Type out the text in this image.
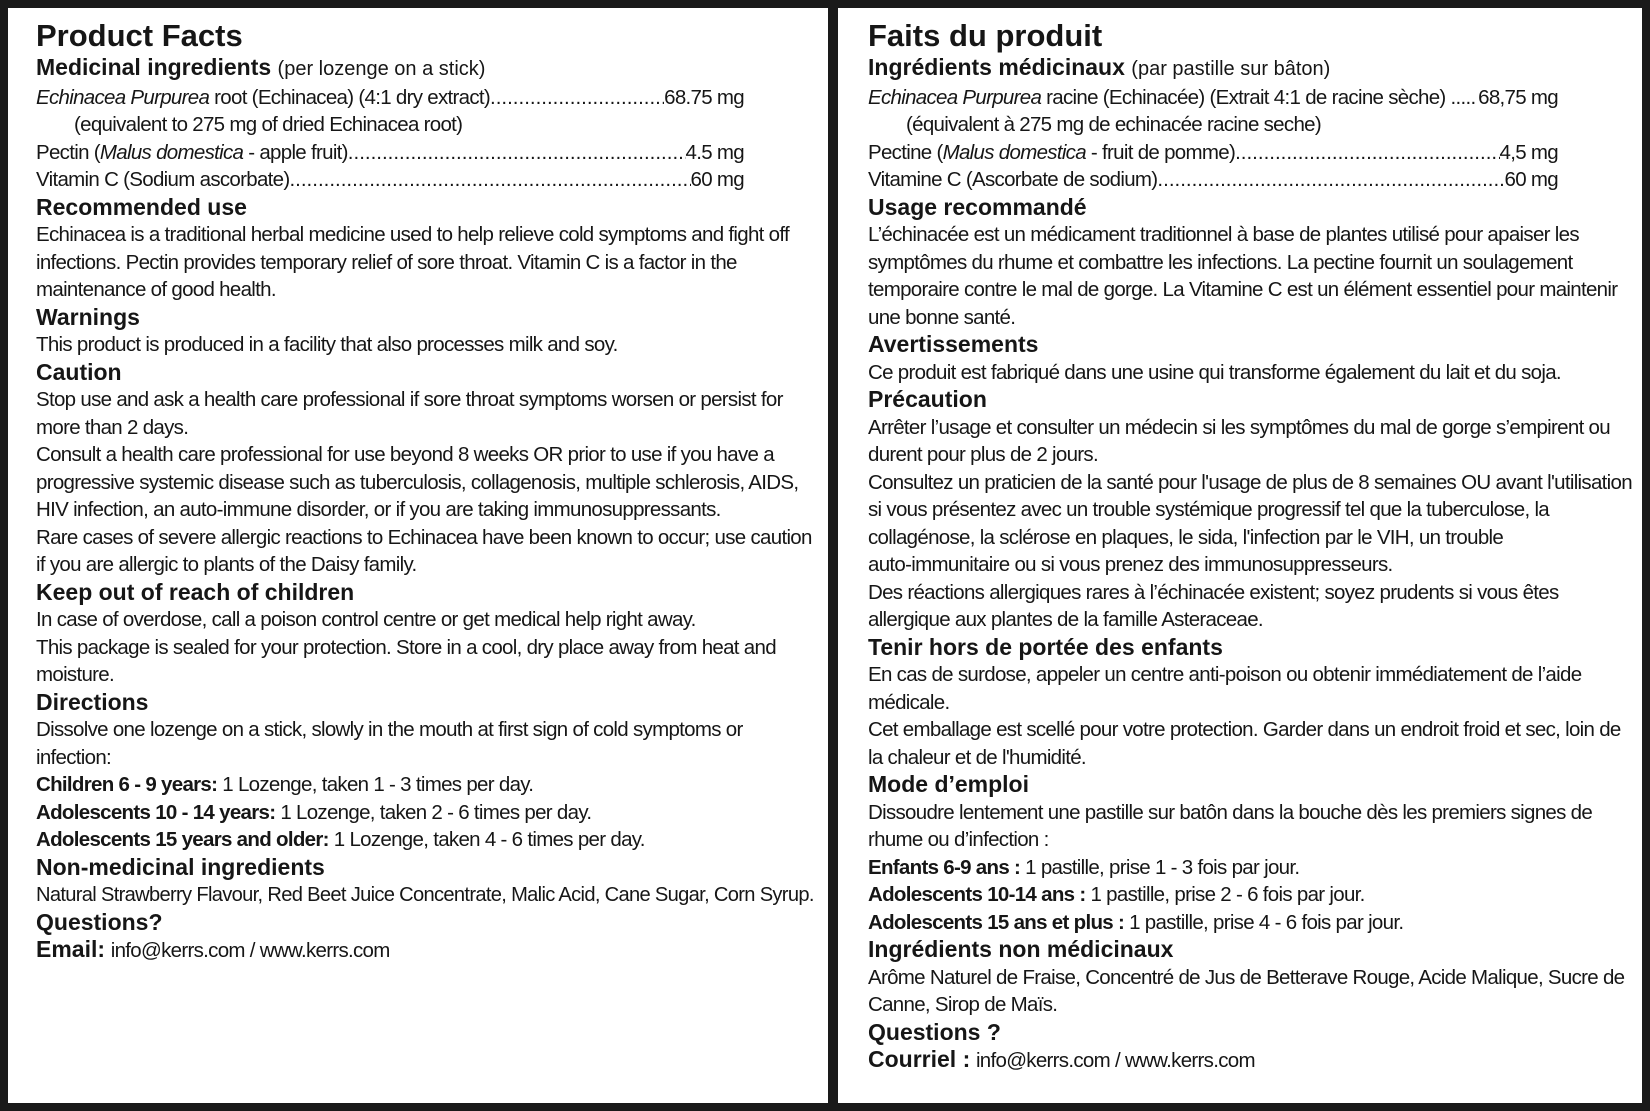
Product Facts
Medicinal ingredients (per lozenge on a stick)
Echinacea Purpurea root (Echinacea) (4:1 dry extract) .....	68.75 mg
(equivalent to 275 mg of dried Echinacea root)
Pectin (Malus domestica - apple fruit) .....	4.5 mg
Vitamin C (Sodium ascorbate) .....	60 mg
Recommended use
Echinacea is a traditional herbal medicine used to help relieve cold symptoms and fight off
infections. Pectin provides temporary relief of sore throat. Vitamin C is a factor in the
maintenance of good health.
Warnings
This product is produced in a facility that also processes milk and soy.
Caution
Stop use and ask a health care professional if sore throat symptoms worsen or persist for
more than 2 days.
Consult a health care professional for use beyond 8 weeks OR prior to use if you have a
progressive systemic disease such as tuberculosis, collagenosis, multiple schlerosis, AIDS,
HIV infection, an auto-immune disorder, or if you are taking immunosuppressants.
Rare cases of severe allergic reactions to Echinacea have been known to occur; use caution
if you are allergic to plants of the Daisy family.
Keep out of reach of children
In case of overdose, call a poison control centre or get medical help right away.
This package is sealed for your protection. Store in a cool, dry place away from heat and
moisture.
Directions
Dissolve one lozenge on a stick, slowly in the mouth at first sign of cold symptoms or
infection:
Children 6 - 9 years: 1 Lozenge, taken 1 - 3 times per day.
Adolescents 10 - 14 years: 1 Lozenge, taken 2 - 6 times per day.
Adolescents 15 years and older: 1 Lozenge, taken 4 - 6 times per day.
Non-medicinal ingredients
Natural Strawberry Flavour, Red Beet Juice Concentrate, Malic Acid, Cane Sugar, Corn Syrup.
Questions?
Email: info@kerrs.com / www.kerrs.com
Faits du produit
Ingrédients médicinaux (par pastille sur bâton)
Echinacea Purpurea racine (Echinacée) (Extrait 4:1 de racine sèche) .... ..... 68,75 mg
(équivalent à 275 mg de echinacée racine seche)
Pectine (Malus domestica - fruit de pomme) .....	4,5 mg
Vitamine C (Ascorbate de sodium) .....	60 mg
Usage recommandé
L’échinacée est un médicament traditionnel à base de plantes utilisé pour apaiser les
symptômes du rhume et combattre les infections. La pectine fournit un soulagement
temporaire contre le mal de gorge. La Vitamine C est un élément essentiel pour maintenir
une bonne santé.
Avertissements
Ce produit est fabriqué dans une usine qui transforme également du lait et du soja.
Précaution
Arrêter l’usage et consulter un médecin si les symptômes du mal de gorge s’empirent ou
durent pour plus de 2 jours.
Consultez un praticien de la santé pour l'usage de plus de 8 semaines OU avant l'utilisation
si vous présentez avec un trouble systémique progressif tel que la tuberculose, la
collagénose, la sclérose en plaques, le sida, l'infection par le VIH, un trouble
auto-immunitaire ou si vous prenez des immunosuppresseurs.
Des réactions allergiques rares à l’échinacée existent; soyez prudents si vous êtes
allergique aux plantes de la famille Asteraceae.
Tenir hors de portée des enfants
En cas de surdose, appeler un centre anti-poison ou obtenir immédiatement de l’aide
médicale.
Cet emballage est scellé pour votre protection. Garder dans un endroit froid et sec, loin de
la chaleur et de l'humidité.
Mode d’emploi
Dissoudre lentement une pastille sur batôn dans la bouche dès les premiers signes de
rhume ou d’infection :
Enfants 6-9 ans : 1 pastille, prise 1 - 3 fois par jour.
Adolescents 10-14 ans : 1 pastille, prise 2 - 6 fois par jour.
Adolescents 15 ans et plus : 1 pastille, prise 4 - 6 fois par jour.
Ingrédients non médicinaux
Arôme Naturel de Fraise, Concentré de Jus de Betterave Rouge, Acide Malique, Sucre de
Canne, Sirop de Maïs.
Questions ?
Courriel : info@kerrs.com / www.kerrs.com
